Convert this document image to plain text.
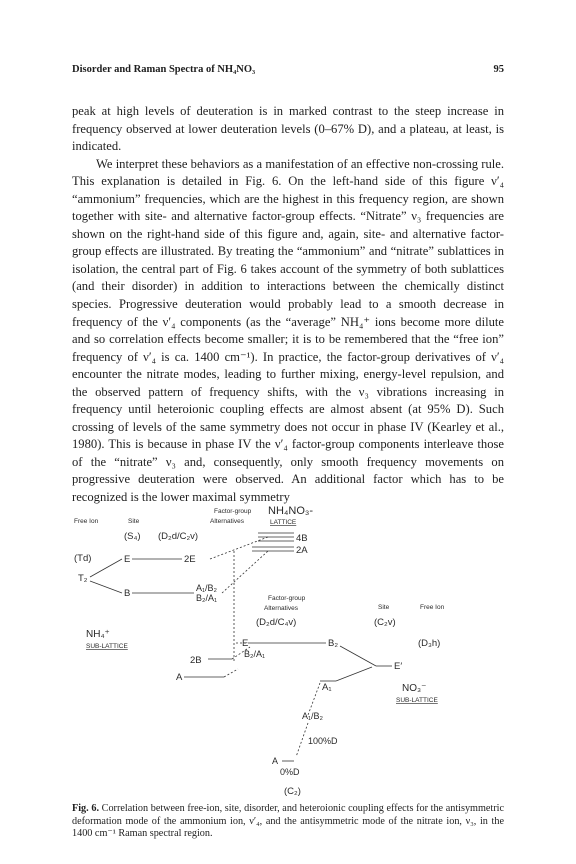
Disorder and Raman Spectra of NH₄NO₃	95

peak at high levels of deuteration is in marked contrast to the steep increase in frequency observed at lower deuteration levels (0–67% D), and a plateau, at least, is indicated.

We interpret these behaviors as a manifestation of an effective non-crossing rule. This explanation is detailed in Fig. 6. On the left-hand side of this figure ν′₄ “ammonium” frequencies, which are the highest in this frequency region, are shown together with site- and alternative factor-group effects. “Nitrate” ν₃ frequencies are shown on the right-hand side of this figure and, again, site- and alternative factor-group effects are illustrated. By treating the “ammonium” and “nitrate” sublattices in isolation, the central part of Fig. 6 takes account of the symmetry of both sublattices (and their disorder) in addition to interactions between the chemically distinct species. Progressive deuteration would probably lead to a smooth decrease in frequency of the ν′₄ components (as the “average” NH₄⁺ ions become more dilute and so correlation effects become smaller; it is to be remembered that the “free ion” frequency of ν′₄ is ca. 1400 cm⁻¹). In practice, the factor-group derivatives of ν′₄ encounter the nitrate modes, leading to further mixing, energy-level repulsion, and the observed pattern of frequency shifts, with the ν₃ vibrations increasing in frequency until heteroionic coupling effects are almost absent (at 95% D). Such crossing of levels of the same symmetry does not occur in phase IV (Kearley et al., 1980). This is because in phase IV the ν′₄ factor-group components interleave those of the “nitrate” ν₃ and, consequently, only smooth frequency movements on progressive deuteration were observed. An additional factor which has to be recognized is the lower maximal symmetry

Factor-group
Alternatives
NH₄NO₃-
LATTICE
Free Ion	Site
(S₄) (D₂d/C₂v)
(Td)
T₂
E	2E
B	A₁/B₂
B₂/A₁
4B
2A
NH₄⁺
SUB-LATTICE
Factor-group
Alternatives	Site	Free Ion
(D₂d/C₄v)	(C₂v)
(D₃h)
E	B₂
B₂/A₁
2B
A
A₁
E′
NO₃⁻
SUB-LATTICE
A₁/B₂
100%D
A
0%D
(C₂)
Fig. 6. Correlation between free-ion, site, disorder, and heteroionic coupling effects for the antisymmetric deformation mode of the ammonium ion, ν′₄, and the antisymmetric mode of the nitrate ion, ν₃, in the 1400 cm⁻¹ Raman spectral region.
